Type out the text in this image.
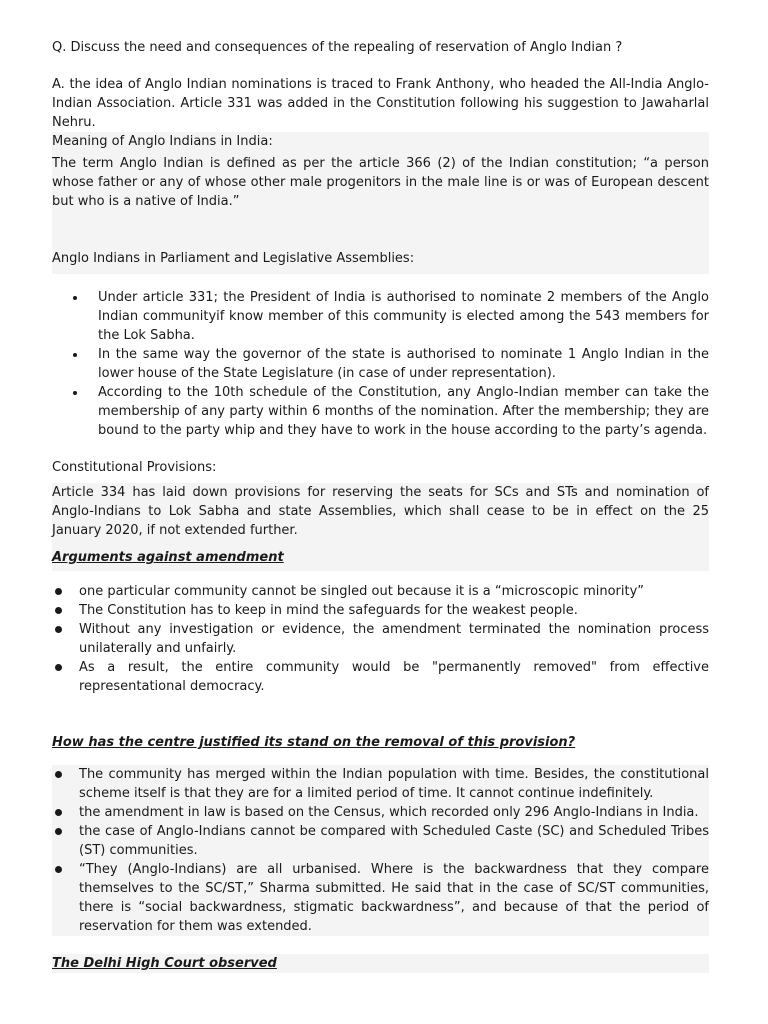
Q. Discuss the need and consequences of the repealing of reservation of Anglo Indian ?

A. the idea of Anglo Indian nominations is traced to Frank Anthony, who headed the All-India Anglo-Indian Association. Article 331 was added in the Constitution following his suggestion to Jawaharlal Nehru.

Meaning of Anglo Indians in India:

The term Anglo Indian is defined as per the article 366 (2) of the Indian constitution; “a person whose father or any of whose other male progenitors in the male line is or was of European descent but who is a native of India.”

Anglo Indians in Parliament and Legislative Assemblies:

Under article 331; the President of India is authorised to nominate 2 members of the Anglo Indian communityif know member of this community is elected among the 543 members for the Lok Sabha.
In the same way the governor of the state is authorised to nominate 1 Anglo Indian in the lower house of the State Legislature (in case of under representation).
According to the 10th schedule of the Constitution, any Anglo-Indian member can take the membership of any party within 6 months of the nomination. After the membership; they are bound to the party whip and they have to work in the house according to the party’s agenda.

Constitutional Provisions:

Article 334 has laid down provisions for reserving the seats for SCs and STs and nomination of Anglo-Indians to Lok Sabha and state Assemblies, which shall cease to be in effect on the 25 January 2020, if not extended further.

Arguments against amendment

one particular community cannot be singled out because it is a “microscopic minority”
The Constitution has to keep in mind the safeguards for the weakest people.
Without any investigation or evidence, the amendment terminated the nomination process unilaterally and unfairly.
As a result, the entire community would be "permanently removed" from effective representational democracy.

How has the centre justified its stand on the removal of this provision?

The community has merged within the Indian population with time. Besides, the constitutional scheme itself is that they are for a limited period of time. It cannot continue indefinitely.
the amendment in law is based on the Census, which recorded only 296 Anglo-Indians in India.
the case of Anglo-Indians cannot be compared with Scheduled Caste (SC) and Scheduled Tribes (ST) communities.
“They (Anglo-Indians) are all urbanised. Where is the backwardness that they compare themselves to the SC/ST,” Sharma submitted. He said that in the case of SC/ST communities, there is “social backwardness, stigmatic backwardness”, and because of that the period of reservation for them was extended.

The Delhi High Court observed
